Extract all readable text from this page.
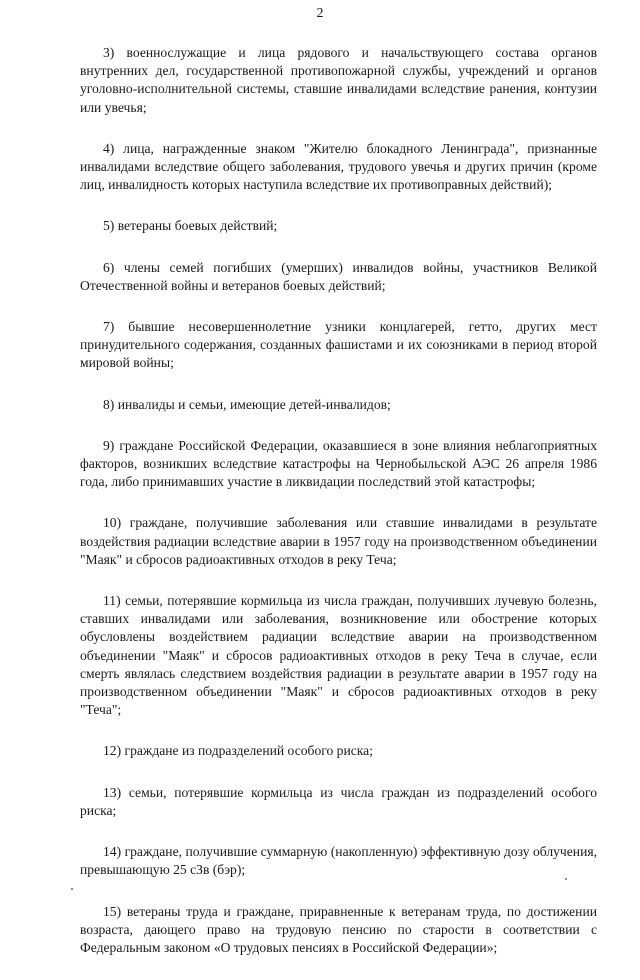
2

3) военнослужащие и лица рядового и начальствующего состава органов внутренних дел, государственной противопожарной службы, учреждений и органов уголовно-исполнительной системы, ставшие инвалидами вследствие ранения, контузии или увечья;

4) лица, награжденные знаком "Жителю блокадного Ленинграда", признанные инвалидами вследствие общего заболевания, трудового увечья и других причин (кроме лиц, инвалидность которых наступила вследствие их противоправных действий);

5) ветераны боевых действий;

6) члены семей погибших (умерших) инвалидов войны, участников Великой Отечественной войны и ветеранов боевых действий;

7) бывшие несовершеннолетние узники концлагерей, гетто, других мест принудительного содержания, созданных фашистами и их союзниками в период второй мировой войны;

8) инвалиды и семьи, имеющие детей-инвалидов;

9) граждане Российской Федерации, оказавшиеся в зоне влияния неблагоприятных факторов, возникших вследствие катастрофы на Чернобыльской АЭС 26 апреля 1986 года, либо принимавших участие в ликвидации последствий этой катастрофы;

10) граждане, получившие заболевания или ставшие инвалидами в результате воздействия радиации вследствие аварии в 1957 году на производственном объединении "Маяк" и сбросов радиоактивных отходов в реку Теча;

11) семьи, потерявшие кормильца из числа граждан, получивших лучевую болезнь, ставших инвалидами или заболевания, возникновение или обострение которых обусловлены воздействием радиации вследствие аварии на производственном объединении "Маяк" и сбросов радиоактивных отходов в реку Теча в случае, если смерть являлась следствием воздействия радиации в результате аварии в 1957 году на производственном объединении "Маяк" и сбросов радиоактивных отходов в реку "Теча";

12) граждане из подразделений особого риска;

13) семьи, потерявшие кормильца из числа граждан из подразделений особого риска;

14) граждане, получившие суммарную (накопленную) эффективную дозу облучения, превышающую 25 сЗв (бэр);

15) ветераны труда и граждане, приравненные к ветеранам труда, по достижении возраста, дающего право на трудовую пенсию по старости в соответствии с Федеральным законом «О трудовых пенсиях в Российской Федерации»;
